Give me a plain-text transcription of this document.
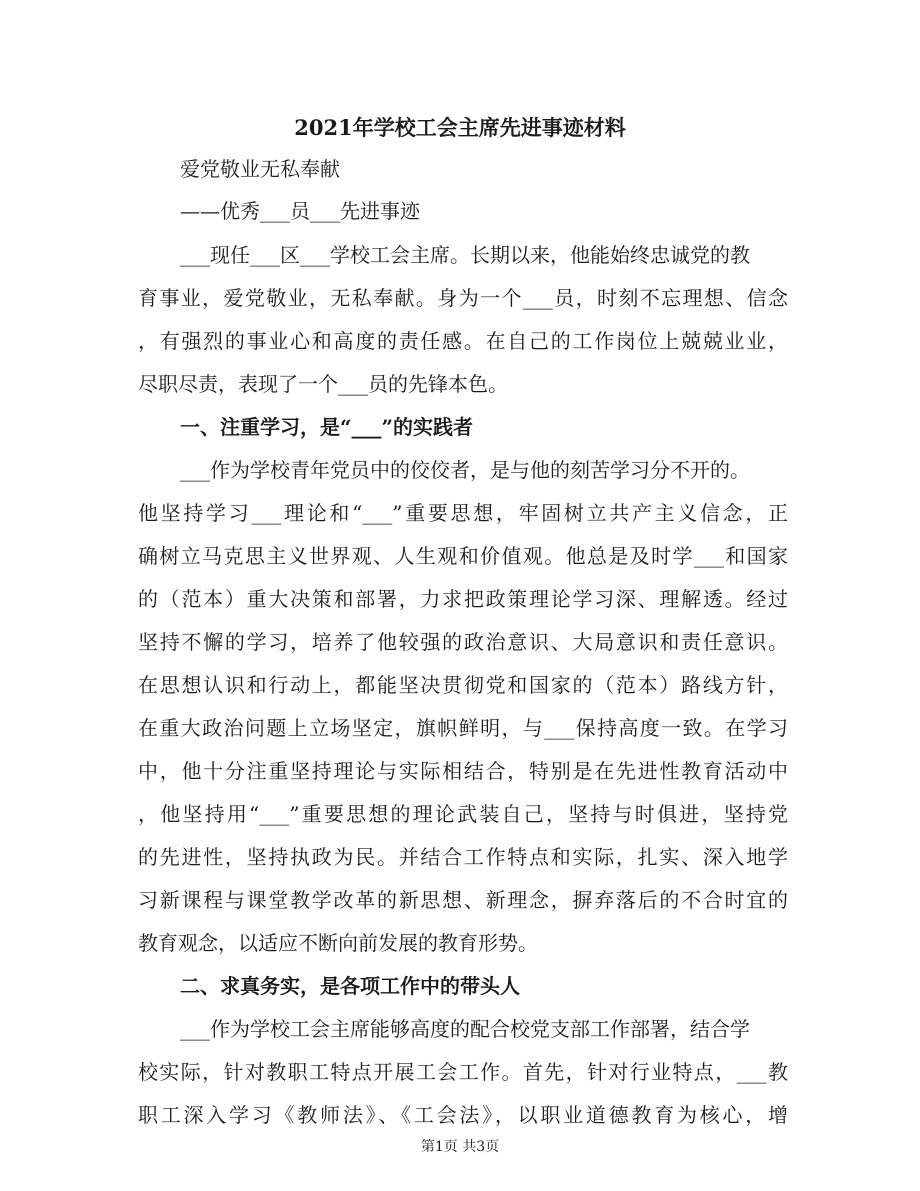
2021年学校工会主席先进事迹材料
爱党敬业无私奉献
——优秀___员___先进事迹
___现任___区___学校工会主席。长期以来，他能始终忠诚党的教
育事业，爱党敬业，无私奉献。身为一个___员，时刻不忘理想、信念
，有强烈的事业心和高度的责任感。在自己的工作岗位上兢兢业业，
尽职尽责，表现了一个___员的先锋本色。
一、注重学习，是“___”的实践者
___作为学校青年党员中的佼佼者，是与他的刻苦学习分不开的。
他坚持学习___理论和“___”重要思想，牢固树立共产主义信念，正
确树立马克思主义世界观、人生观和价值观。他总是及时学___和国家
的（范本）重大决策和部署，力求把政策理论学习深、理解透。经过
坚持不懈的学习，培养了他较强的政治意识、大局意识和责任意识。
在思想认识和行动上，都能坚决贯彻党和国家的（范本）路线方针，
在重大政治问题上立场坚定，旗帜鲜明，与___保持高度一致。在学习
中，他十分注重坚持理论与实际相结合，特别是在先进性教育活动中
，他坚持用“___”重要思想的理论武装自己，坚持与时俱进，坚持党
的先进性，坚持执政为民。并结合工作特点和实际，扎实、深入地学
习新课程与课堂教学改革的新思想、新理念，摒弃落后的不合时宜的
教育观念，以适应不断向前发展的教育形势。
二、求真务实，是各项工作中的带头人
___作为学校工会主席能够高度的配合校党支部工作部署，结合学
校实际，针对教职工特点开展工会工作。首先，针对行业特点，___教
职工深入学习《教师法》、《工会法》，以职业道德教育为核心，增
第1页 共3页
